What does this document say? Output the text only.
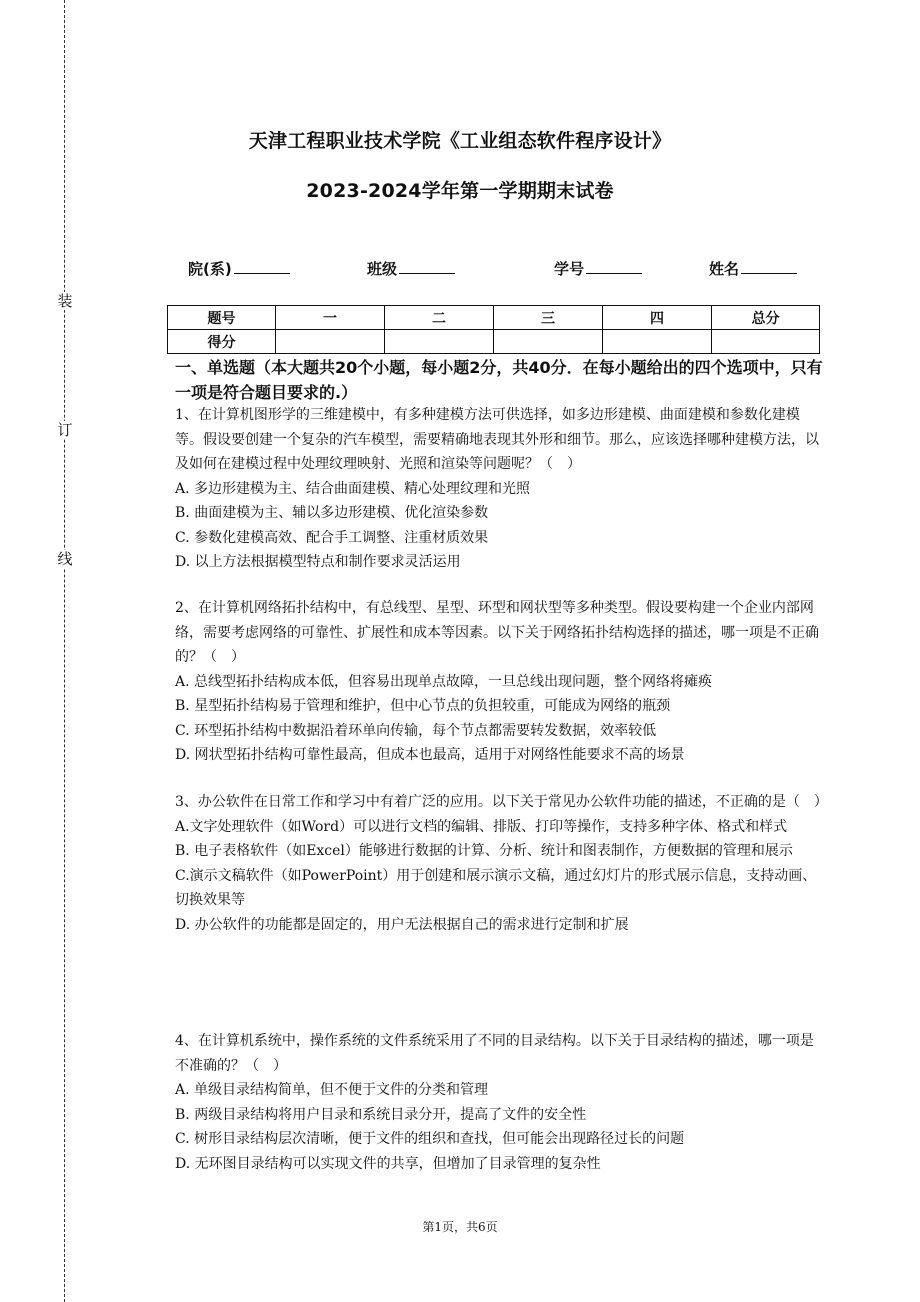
装
订
线
天津工程职业技术学院《工业组态软件程序设计》
2023-2024学年第一学期期末试卷
院(系)	班级	学号	姓名
题号	一	二	三	四	总分
得分					
一、单选题（本大题共20个小题，每小题2分，共40分．在每小题给出的四个选项中，只有一项是符合题目要求的.）

1、在计算机图形学的三维建模中，有多种建模方法可供选择，如多边形建模、曲面建模和参数化建模等。假设要创建一个复杂的汽车模型，需要精确地表现其外形和细节。那么，应该选择哪种建模方法，以及如何在建模过程中处理纹理映射、光照和渲染等问题呢？（　）

A. 多边形建模为主、结合曲面建模、精心处理纹理和光照

B. 曲面建模为主、辅以多边形建模、优化渲染参数

C. 参数化建模高效、配合手工调整、注重材质效果

D. 以上方法根据模型特点和制作要求灵活运用

2、在计算机网络拓扑结构中，有总线型、星型、环型和网状型等多种类型。假设要构建一个企业内部网络，需要考虑网络的可靠性、扩展性和成本等因素。以下关于网络拓扑结构选择的描述，哪一项是不正确的？（　）

A. 总线型拓扑结构成本低，但容易出现单点故障，一旦总线出现问题，整个网络将瘫痪

B. 星型拓扑结构易于管理和维护，但中心节点的负担较重，可能成为网络的瓶颈

C. 环型拓扑结构中数据沿着环单向传输，每个节点都需要转发数据，效率较低

D. 网状型拓扑结构可靠性最高，但成本也最高，适用于对网络性能要求不高的场景

3、办公软件在日常工作和学习中有着广泛的应用。以下关于常见办公软件功能的描述，不正确的是（　）

A.文字处理软件（如Word）可以进行文档的编辑、排版、打印等操作，支持多种字体、格式和样式

B. 电子表格软件（如Excel）能够进行数据的计算、分析、统计和图表制作，方便数据的管理和展示

C.演示文稿软件（如PowerPoint）用于创建和展示演示文稿，通过幻灯片的形式展示信息，支持动画、切换效果等

D. 办公软件的功能都是固定的，用户无法根据自己的需求进行定制和扩展

4、在计算机系统中，操作系统的文件系统采用了不同的目录结构。以下关于目录结构的描述，哪一项是不准确的？（　）

A. 单级目录结构简单，但不便于文件的分类和管理

B. 两级目录结构将用户目录和系统目录分开，提高了文件的安全性

C. 树形目录结构层次清晰，便于文件的组织和查找，但可能会出现路径过长的问题

D. 无环图目录结构可以实现文件的共享，但增加了目录管理的复杂性

第1页，共6页
